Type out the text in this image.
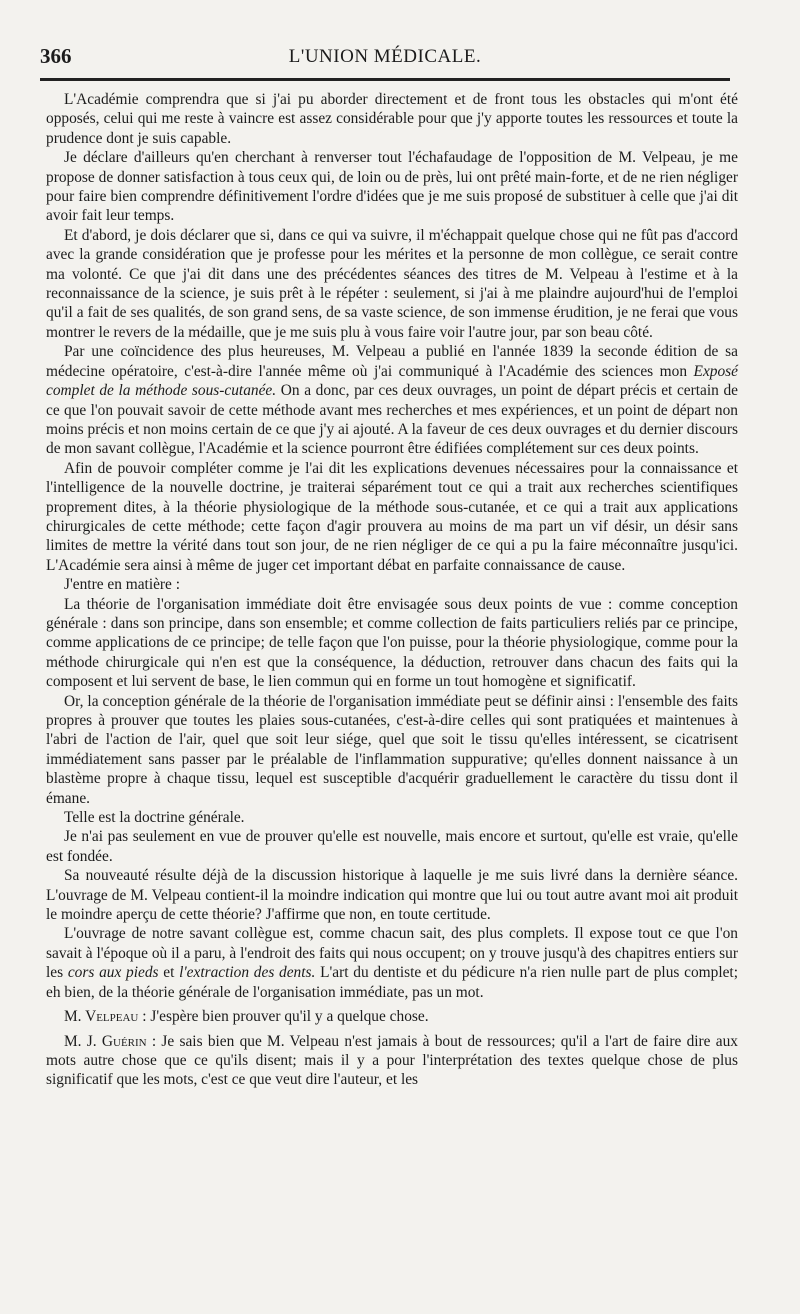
366	L'UNION MÉDICALE.

L'Académie comprendra que si j'ai pu aborder directement et de front tous les obstacles qui m'ont été opposés, celui qui me reste à vaincre est assez considérable pour que j'y apporte toutes les ressources et toute la prudence dont je suis capable.

Je déclare d'ailleurs qu'en cherchant à renverser tout l'échafaudage de l'opposition de M. Velpeau, je me propose de donner satisfaction à tous ceux qui, de loin ou de près, lui ont prêté main-forte, et de ne rien négliger pour faire bien comprendre définitivement l'ordre d'idées que je me suis proposé de substituer à celle que j'ai dit avoir fait leur temps.

Et d'abord, je dois déclarer que si, dans ce qui va suivre, il m'échappait quelque chose qui ne fût pas d'accord avec la grande considération que je professe pour les mérites et la personne de mon collègue, ce serait contre ma volonté. Ce que j'ai dit dans une des précédentes séances des titres de M. Velpeau à l'estime et à la reconnaissance de la science, je suis prêt à le répéter : seulement, si j'ai à me plaindre aujourd'hui de l'emploi qu'il a fait de ses qualités, de son grand sens, de sa vaste science, de son immense érudition, je ne ferai que vous montrer le revers de la médaille, que je me suis plu à vous faire voir l'autre jour, par son beau côté.

Par une coïncidence des plus heureuses, M. Velpeau a publié en l'année 1839 la seconde édition de sa médecine opératoire, c'est-à-dire l'année même où j'ai communiqué à l'Académie des sciences mon Exposé complet de la méthode sous-cutanée. On a donc, par ces deux ouvrages, un point de départ précis et certain de ce que l'on pouvait savoir de cette méthode avant mes recherches et mes expériences, et un point de départ non moins précis et non moins certain de ce que j'y ai ajouté. A la faveur de ces deux ouvrages et du dernier discours de mon savant collègue, l'Académie et la science pourront être édifiées complétement sur ces deux points.

Afin de pouvoir compléter comme je l'ai dit les explications devenues nécessaires pour la connaissance et l'intelligence de la nouvelle doctrine, je traiterai séparément tout ce qui a trait aux recherches scientifiques proprement dites, à la théorie physiologique de la méthode sous-cutanée, et ce qui a trait aux applications chirurgicales de cette méthode; cette façon d'agir prouvera au moins de ma part un vif désir, un désir sans limites de mettre la vérité dans tout son jour, de ne rien négliger de ce qui a pu la faire méconnaître jusqu'ici. L'Académie sera ainsi à même de juger cet important débat en parfaite connaissance de cause.

J'entre en matière :

La théorie de l'organisation immédiate doit être envisagée sous deux points de vue : comme conception générale : dans son principe, dans son ensemble; et comme collection de faits particuliers reliés par ce principe, comme applications de ce principe; de telle façon que l'on puisse, pour la théorie physiologique, comme pour la méthode chirurgicale qui n'en est que la conséquence, la déduction, retrouver dans chacun des faits qui la composent et lui servent de base, le lien commun qui en forme un tout homogène et significatif.

Or, la conception générale de la théorie de l'organisation immédiate peut se définir ainsi : l'ensemble des faits propres à prouver que toutes les plaies sous-cutanées, c'est-à-dire celles qui sont pratiquées et maintenues à l'abri de l'action de l'air, quel que soit leur siége, quel que soit le tissu qu'elles intéressent, se cicatrisent immédiatement sans passer par le préalable de l'inflammation suppurative; qu'elles donnent naissance à un blastème propre à chaque tissu, lequel est susceptible d'acquérir graduellement le caractère du tissu dont il émane.

Telle est la doctrine générale.

Je n'ai pas seulement en vue de prouver qu'elle est nouvelle, mais encore et surtout, qu'elle est vraie, qu'elle est fondée.

Sa nouveauté résulte déjà de la discussion historique à laquelle je me suis livré dans la dernière séance. L'ouvrage de M. Velpeau contient-il la moindre indication qui montre que lui ou tout autre avant moi ait produit le moindre aperçu de cette théorie? J'affirme que non, en toute certitude.

L'ouvrage de notre savant collègue est, comme chacun sait, des plus complets. Il expose tout ce que l'on savait à l'époque où il a paru, à l'endroit des faits qui nous occupent; on y trouve jusqu'à des chapitres entiers sur les cors aux pieds et l'extraction des dents. L'art du dentiste et du pédicure n'a rien nulle part de plus complet; eh bien, de la théorie générale de l'organisation immédiate, pas un mot.

M. Velpeau : J'espère bien prouver qu'il y a quelque chose.

M. J. Guérin : Je sais bien que M. Velpeau n'est jamais à bout de ressources; qu'il a l'art de faire dire aux mots autre chose que ce qu'ils disent; mais il y a pour l'interprétation des textes quelque chose de plus significatif que les mots, c'est ce que veut dire l'auteur, et les
